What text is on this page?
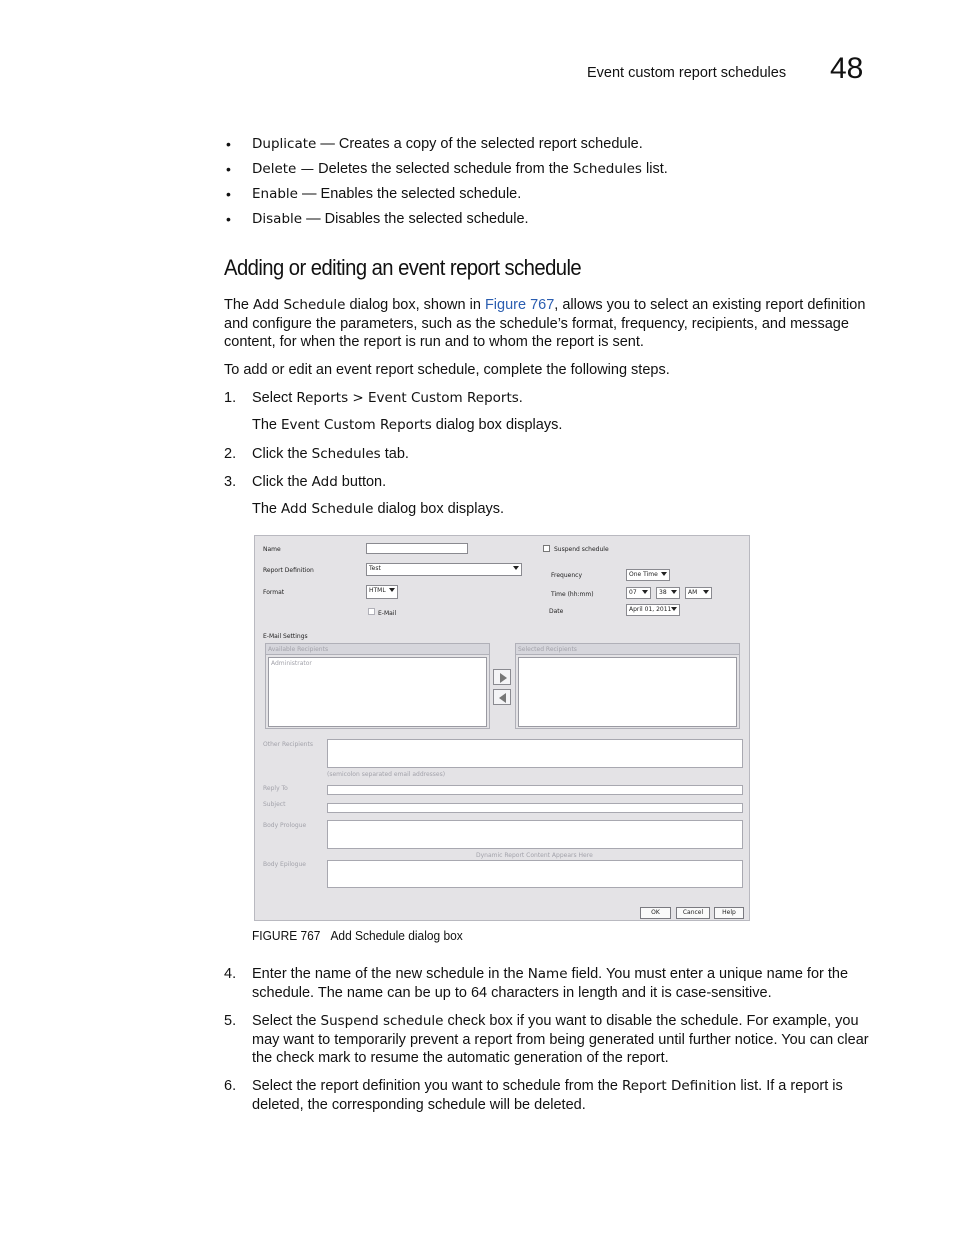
Event custom report schedules 48
• Duplicate — Creates a copy of the selected report schedule.
• Delete — Deletes the selected schedule from the Schedules list.
• Enable — Enables the selected schedule.
• Disable — Disables the selected schedule.
Adding or editing an event report schedule
The Add Schedule dialog box, shown in Figure 767, allows you to select an existing report definition and configure the parameters, such as the schedule’s format, frequency, recipients, and message content, for when the report is run and to whom the report is sent.
To add or edit an event report schedule, complete the following steps.
1. Select Reports > Event Custom Reports.
The Event Custom Reports dialog box displays.
2. Click the Schedules tab.
3. Click the Add button.
The Add Schedule dialog box displays.
Name	Suspend schedule
Report Definition	Test
Frequency	One Time
Format	HTML
Time (hh:mm)	07	38	AM
E-Mail	Date	April 01, 2011
E-Mail Settings
Available Recipients
Administrator
Selected Recipients
Other Recipients
(semicolon separated email addresses)
Reply To
Subject
Body Prologue
Dynamic Report Content Appears Here
Body Epilogue
OK	Cancel	Help
FIGURE 767 Add Schedule dialog box
4. Enter the name of the new schedule in the Name field. You must enter a unique name for the schedule. The name can be up to 64 characters in length and it is case-sensitive.
5. Select the Suspend schedule check box if you want to disable the schedule. For example, you may want to temporarily prevent a report from being generated until further notice. You can clear the check mark to resume the automatic generation of the report.
6. Select the report definition you want to schedule from the Report Definition list. If a report is deleted, the corresponding schedule will be deleted.
